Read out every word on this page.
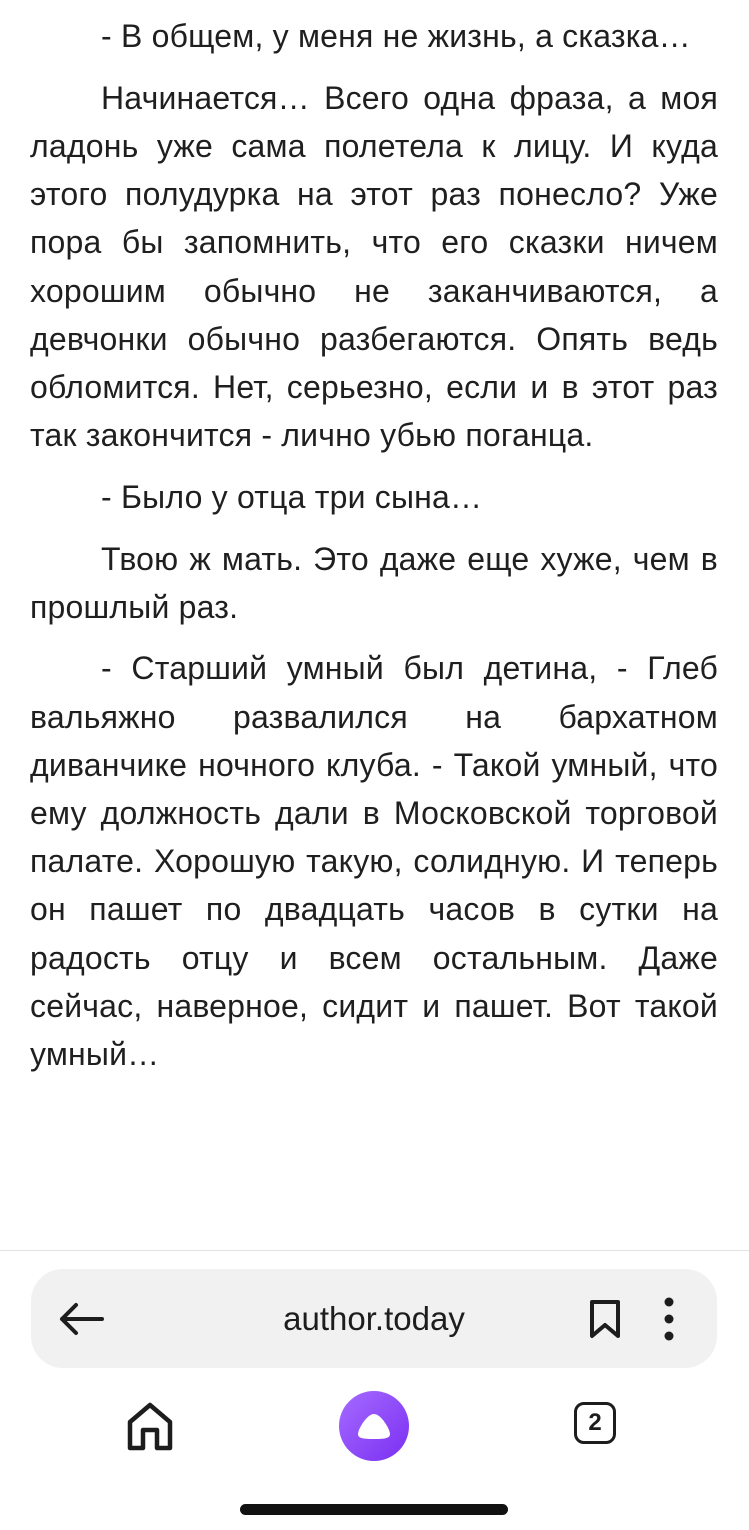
- В общем, у меня не жизнь, а сказка…

Начинается… Всего одна фраза, а моя ладонь уже сама полетела к лицу. И куда этого полудурка на этот раз понесло? Уже пора бы запомнить, что его сказки ничем хорошим обычно не заканчиваются, а девчонки обычно разбегаются. Опять ведь обломится. Нет, серьезно, если и в этот раз так закончится - лично убью поганца.

- Было у отца три сына…

Твою ж мать. Это даже еще хуже, чем в прошлый раз.

- Старший умный был детина, - Глеб вальяжно развалился на бархатном диванчике ночного клуба. - Такой умный, что ему должность дали в Московской торговой палате. Хорошую такую, солидную. И теперь он пашет по двадцать часов в сутки на радость отцу и всем остальным. Даже сейчас, наверное, сидит и пашет. Вот такой умный…

author.today
2
